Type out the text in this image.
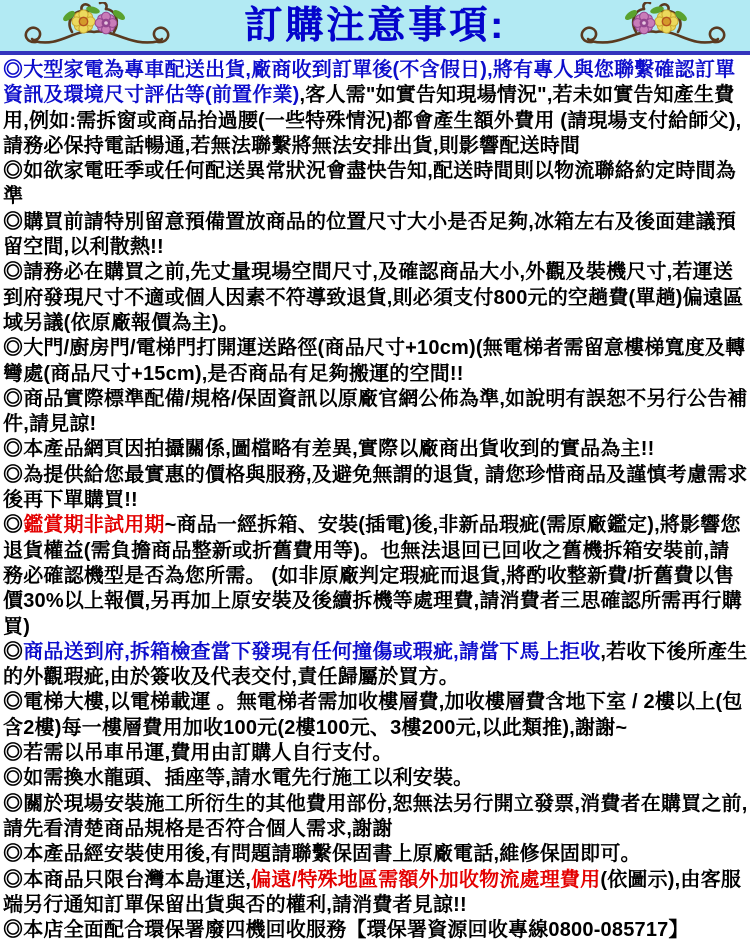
訂購注意事項:

◎大型家電為專車配送出貨,廠商收到訂單後(不含假日),將有專人與您聯繫確認訂單資訊及環境尺寸評估等(前置作業),客人需"如實告知現場情況",若未如實告知產生費用,例如:需拆窗或商品抬過腰(一些特殊情況)都會產生額外費用 (請現場支付給師父),請務必保持電話暢通,若無法聯繫將無法安排出貨,則影響配送時間

◎如欲家電旺季或任何配送異常狀況會盡快告知,配送時間則以物流聯絡約定時間為準

◎購買前請特別留意預備置放商品的位置尺寸大小是否足夠,冰箱左右及後面建議預留空間,以利散熱!!

◎請務必在購買之前,先丈量現場空間尺寸,及確認商品大小,外觀及裝機尺寸,若運送到府發現尺寸不適或個人因素不符導致退貨,則必須支付800元的空趟費(單趟)偏遠區域另議(依原廠報價為主)。

◎大門/廚房門/電梯門打開運送路徑(商品尺寸+10cm)(無電梯者需留意樓梯寬度及轉彎處(商品尺寸+15cm),是否商品有足夠搬運的空間!!

◎商品實際標準配備/規格/保固資訊以原廠官網公佈為準,如說明有誤恕不另行公告補件,請見諒!

◎本產品網頁因拍攝關係,圖檔略有差異,實際以廠商出貨收到的實品為主!!

◎為提供給您最實惠的價格與服務,及避免無謂的退貨, 請您珍惜商品及謹慎考慮需求後再下單購買!!

◎鑑賞期非試用期~商品一經拆箱、安裝(插電)後,非新品瑕疵(需原廠鑑定),將影響您退貨權益(需負擔商品整新或折舊費用等)。也無法退回已回收之舊機拆箱安裝前,請務必確認機型是否為您所需。 (如非原廠判定瑕疵而退貨,將酌收整新費/折舊費以售價30%以上報價,另再加上原安裝及後續拆機等處理費,請消費者三思確認所需再行購買)

◎商品送到府,拆箱檢查當下發現有任何撞傷或瑕疵,請當下馬上拒收,若收下後所產生的外觀瑕疵,由於簽收及代表交付,責任歸屬於買方。

◎電梯大樓,以電梯載運 。無電梯者需加收樓層費,加收樓層費含地下室 / 2樓以上(包含2樓)每一樓層費用加收100元(2樓100元、3樓200元,以此類推),謝謝~

◎若需以吊車吊運,費用由訂購人自行支付。

◎如需換水龍頭、插座等,請水電先行施工以利安裝。

◎關於現場安裝施工所衍生的其他費用部份,恕無法另行開立發票,消費者在購買之前,請先看清楚商品規格是否符合個人需求,謝謝

◎本產品經安裝使用後,有問題請聯繫保固書上原廠電話,維修保固即可。

◎本商品只限台灣本島運送,偏遠/特殊地區需額外加收物流處理費用(依圖示),由客服端另行通知訂單保留出貨與否的權利,請消費者見諒!!

◎本店全面配合環保署廢四機回收服務【環保署資源回收專線0800-085717】
